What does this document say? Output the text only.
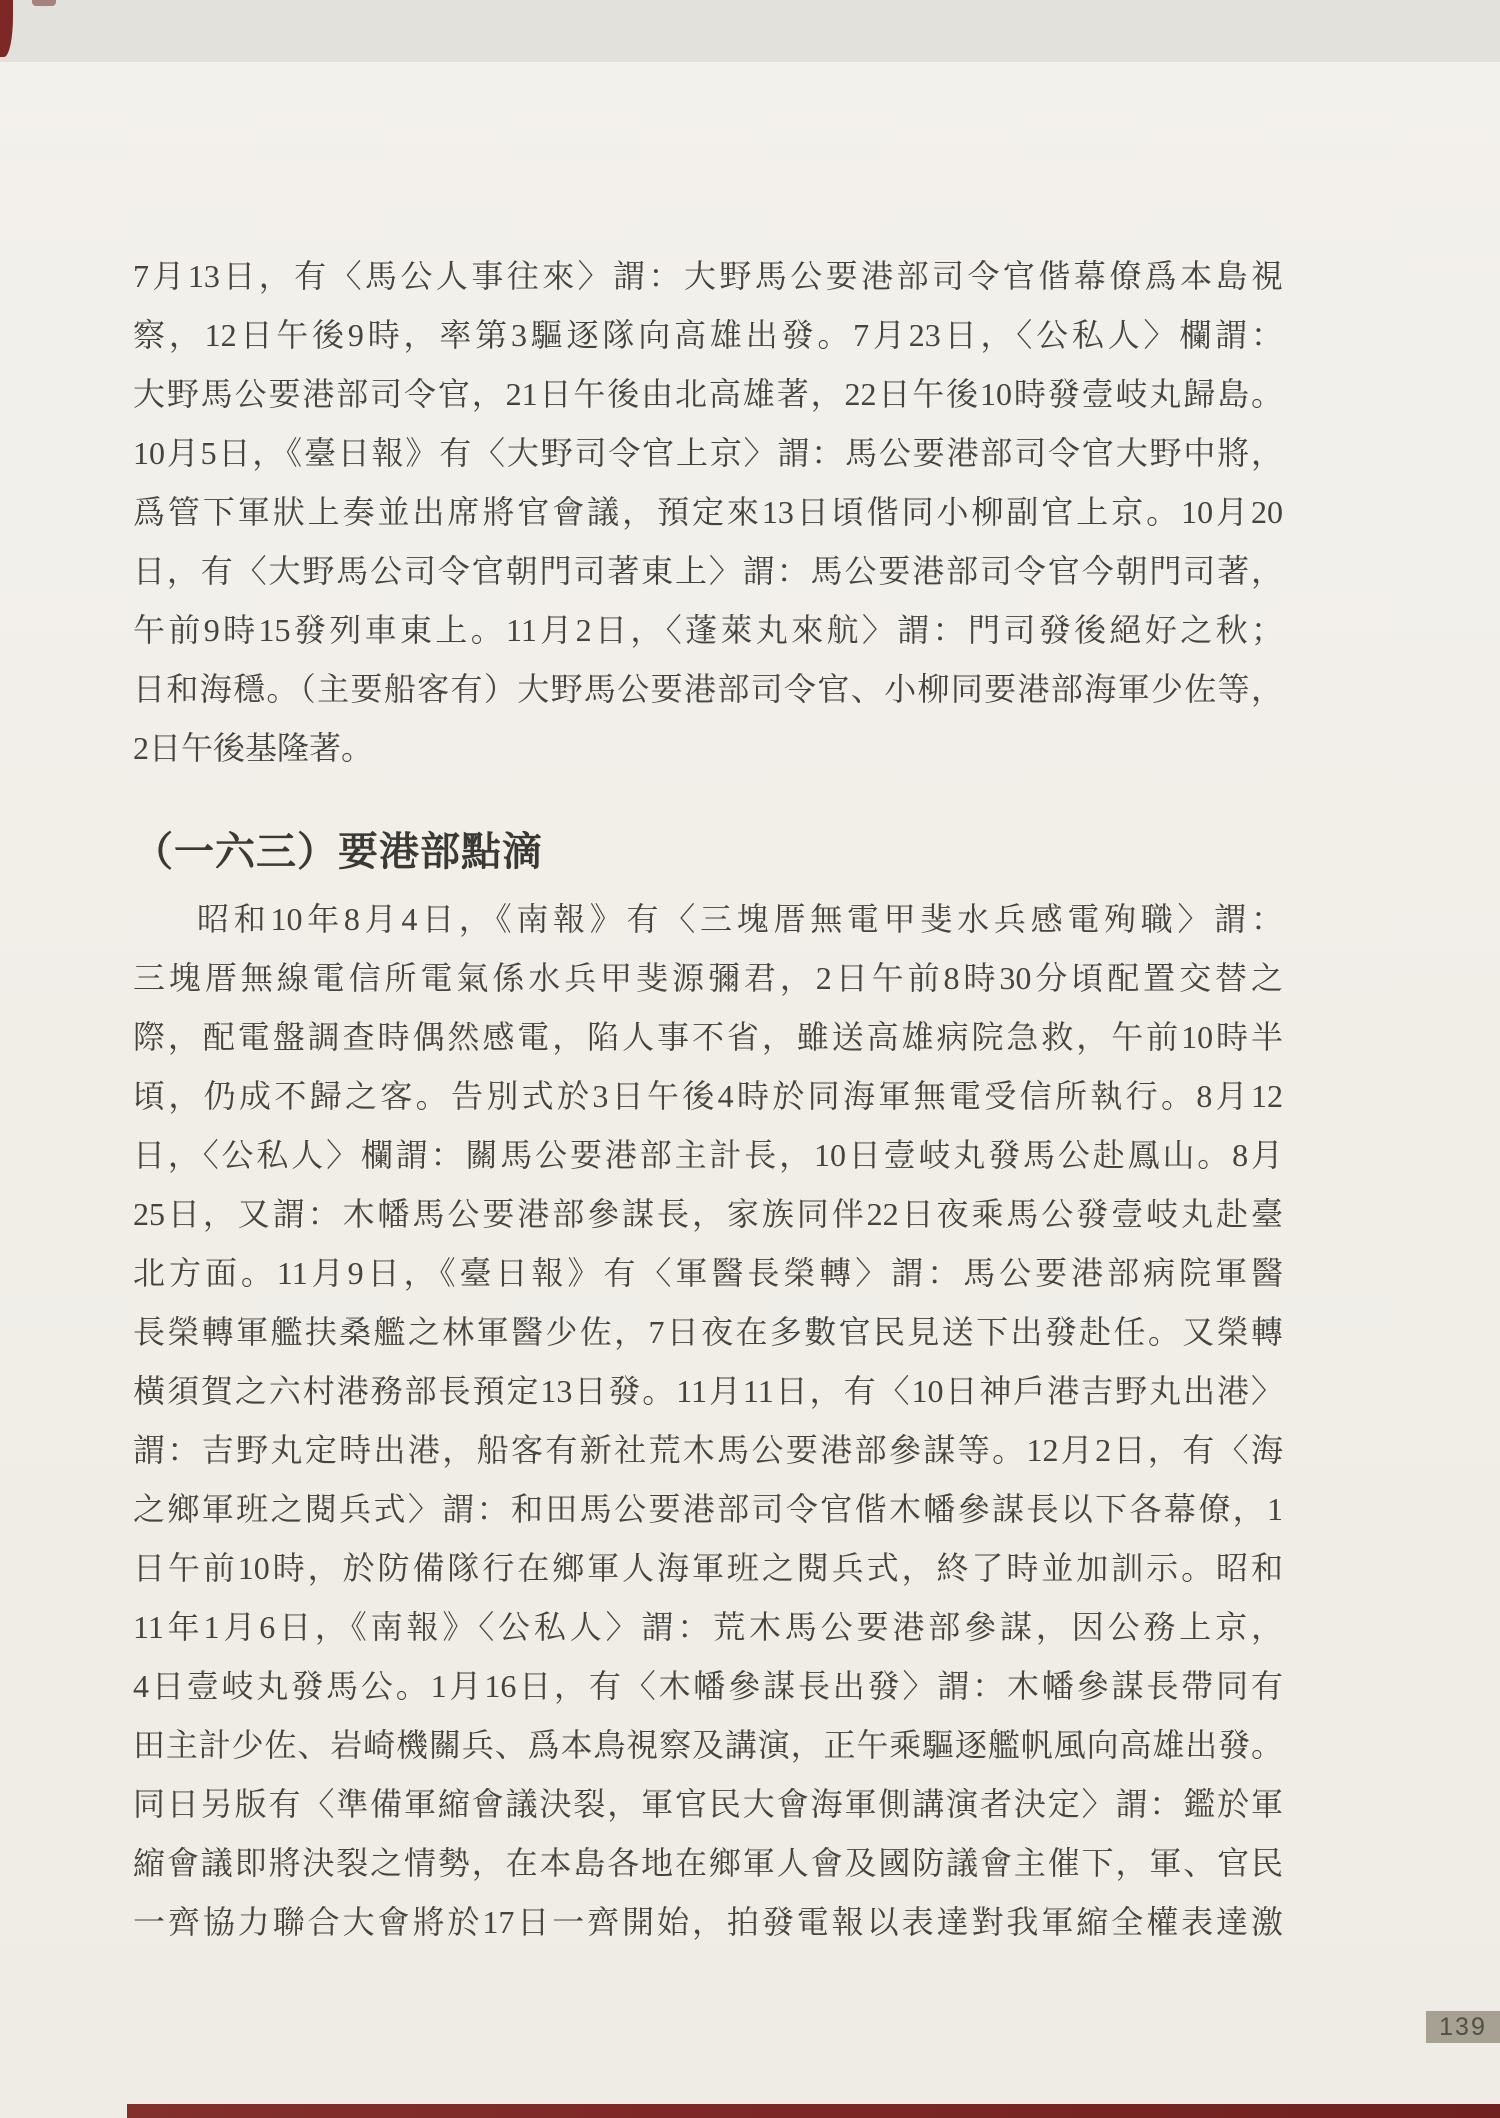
7月13日，有〈馬公人事往來〉謂：大野馬公要港部司令官偕幕僚爲本島視
察，12日午後9時，率第3驅逐隊向高雄出發。7月23日，〈公私人〉欄謂：
大野馬公要港部司令官，21日午後由北高雄著，22日午後10時發壹岐丸歸島。
10月5日，《臺日報》有〈大野司令官上京〉謂：馬公要港部司令官大野中將，
爲管下軍狀上奏並出席將官會議，預定來13日頃偕同小柳副官上京。10月20
日，有〈大野馬公司令官朝門司著東上〉謂：馬公要港部司令官今朝門司著，
午前9時15發列車東上。11月2日，〈蓬萊丸來航〉謂：門司發後絕好之秋；
日和海穩。（主要船客有）大野馬公要港部司令官、小柳同要港部海軍少佐等，
2日午後基隆著。
（一六三）要港部點滴
昭和10年8月4日，《南報》有〈三塊厝無電甲斐水兵感電殉職〉謂：
三塊厝無線電信所電氣係水兵甲斐源彌君，2日午前8時30分頃配置交替之
際，配電盤調查時偶然感電，陷人事不省，雖送高雄病院急救，午前10時半
頃，仍成不歸之客。告別式於3日午後4時於同海軍無電受信所執行。8月12
日，〈公私人〉欄謂：關馬公要港部主計長，10日壹岐丸發馬公赴鳳山。8月
25日，又謂：木幡馬公要港部參謀長，家族同伴22日夜乘馬公發壹岐丸赴臺
北方面。11月9日，《臺日報》有〈軍醫長榮轉〉謂：馬公要港部病院軍醫
長榮轉軍艦扶桑艦之林軍醫少佐，7日夜在多數官民見送下出發赴任。又榮轉
橫須賀之六村港務部長預定13日發。11月11日，有〈10日神戶港吉野丸出港〉
謂：吉野丸定時出港，船客有新社荒木馬公要港部參謀等。12月2日，有〈海
之鄉軍班之閱兵式〉謂：和田馬公要港部司令官偕木幡參謀長以下各幕僚，1
日午前10時，於防備隊行在鄉軍人海軍班之閱兵式，終了時並加訓示。昭和
11年1月6日，《南報》〈公私人〉謂：荒木馬公要港部參謀，因公務上京，
4日壹岐丸發馬公。1月16日，有〈木幡參謀長出發〉謂：木幡參謀長帶同有
田主計少佐、岩崎機關兵、爲本鳥視察及講演，正午乘驅逐艦帆風向高雄出發。
同日另版有〈準備軍縮會議決裂，軍官民大會海軍側講演者決定〉謂：鑑於軍
縮會議即將決裂之情勢，在本島各地在鄉軍人會及國防議會主催下，軍、官民
一齊協力聯合大會將於17日一齊開始，拍發電報以表達對我軍縮全權表達激
139
